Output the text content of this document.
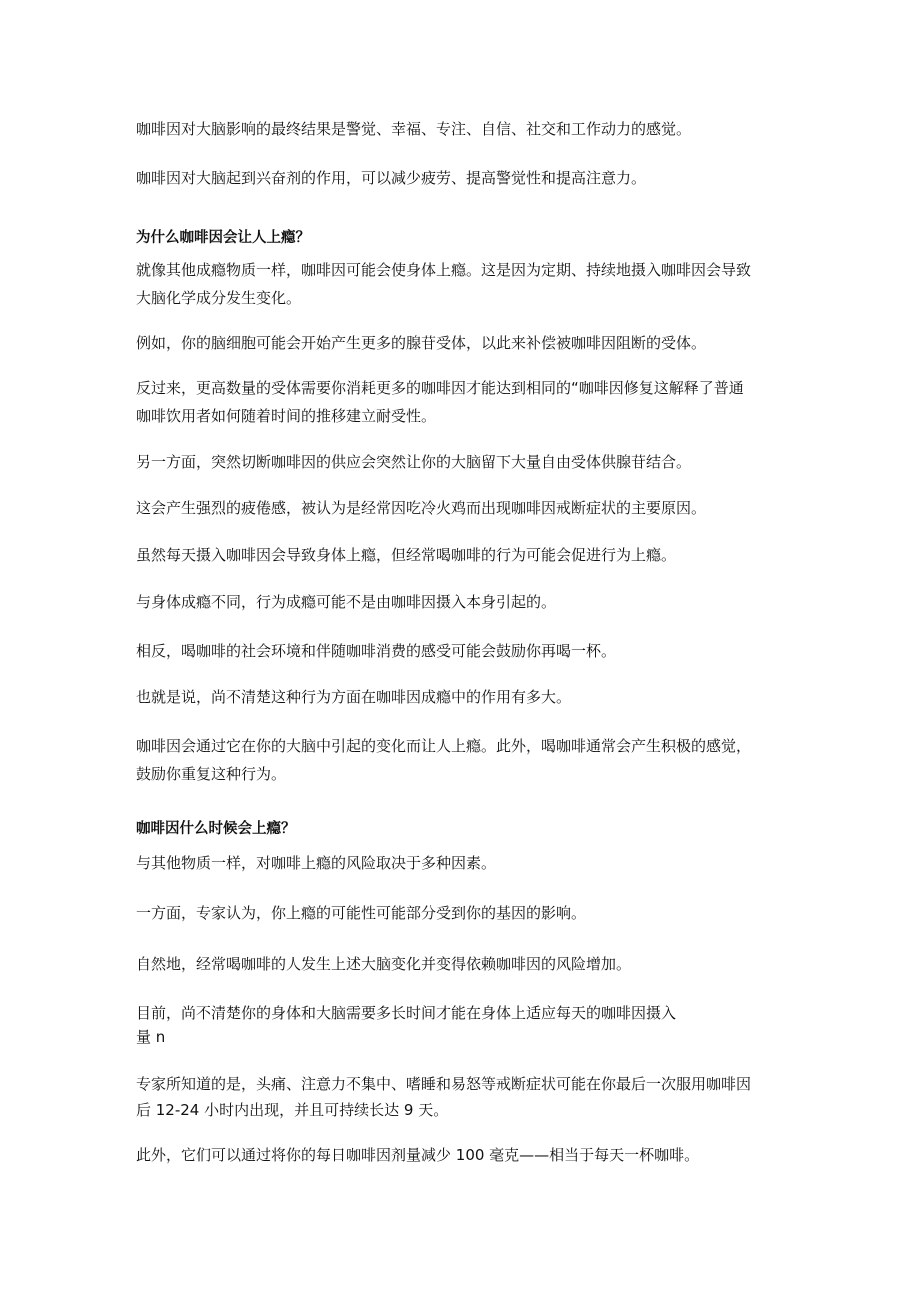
咖啡因对大脑影响的最终结果是警觉、幸福、专注、自信、社交和工作动力的感觉。

咖啡因对大脑起到兴奋剂的作用，可以减少疲劳、提高警觉性和提高注意力。

为什么咖啡因会让人上瘾？

就像其他成瘾物质一样，咖啡因可能会使身体上瘾。这是因为定期、持续地摄入咖啡因会导致

大脑化学成分发生变化。

例如，你的脑细胞可能会开始产生更多的腺苷受体，以此来补偿被咖啡因阻断的受体。

反过来，更高数量的受体需要你消耗更多的咖啡因才能达到相同的“咖啡因修复这解释了普通

咖啡饮用者如何随着时间的推移建立耐受性。

另一方面，突然切断咖啡因的供应会突然让你的大脑留下大量自由受体供腺苷结合。

这会产生强烈的疲倦感，被认为是经常因吃冷火鸡而出现咖啡因戒断症状的主要原因。

虽然每天摄入咖啡因会导致身体上瘾，但经常喝咖啡的行为可能会促进行为上瘾。

与身体成瘾不同，行为成瘾可能不是由咖啡因摄入本身引起的。

相反，喝咖啡的社会环境和伴随咖啡消费的感受可能会鼓励你再喝一杯。

也就是说，尚不清楚这种行为方面在咖啡因成瘾中的作用有多大。

咖啡因会通过它在你的大脑中引起的变化而让人上瘾。此外，喝咖啡通常会产生积极的感觉，

鼓励你重复这种行为。

咖啡因什么时候会上瘾？

与其他物质一样，对咖啡上瘾的风险取决于多种因素。

一方面，专家认为，你上瘾的可能性可能部分受到你的基因的影响。

自然地，经常喝咖啡的人发生上述大脑变化并变得依赖咖啡因的风险增加。

目前，尚不清楚你的身体和大脑需要多长时间才能在身体上适应每天的咖啡因摄入

量 n

专家所知道的是，头痛、注意力不集中、嗜睡和易怒等戒断症状可能在你最后一次服用咖啡因

后 12-24 小时内出现，并且可持续长达 9 天。

此外，它们可以通过将你的每日咖啡因剂量减少 100 毫克——相当于每天一杯咖啡。
